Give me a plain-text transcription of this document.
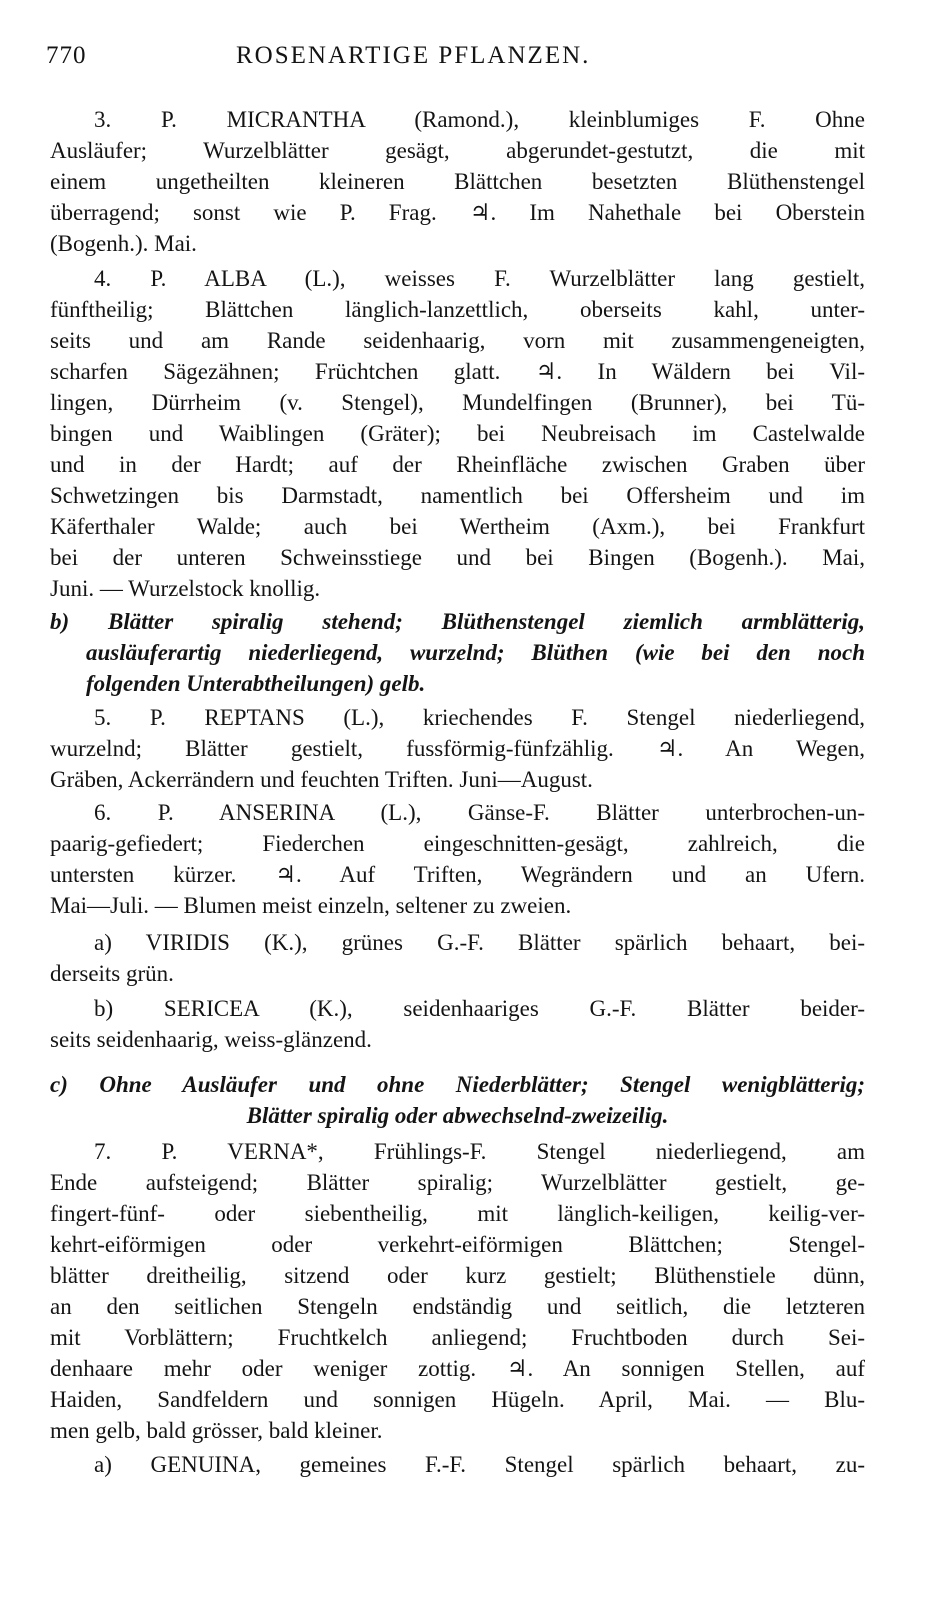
770	ROSENARTIGE PFLANZEN.
3. P. MICRANTHA (Ramond.), kleinblumiges F. Ohne
Ausläufer; Wurzelblätter gesägt, abgerundet-gestutzt, die mit
einem ungetheilten kleineren Blättchen besetzten Blüthenstengel
überragend; sonst wie P. Frag. ♃. Im Nahethale bei Oberstein
(Bogenh.). Mai.
4. P. ALBA (L.), weisses F. Wurzelblätter lang gestielt,
fünftheilig; Blättchen länglich-lanzettlich, oberseits kahl, unter-
seits und am Rande seidenhaarig, vorn mit zusammengeneigten,
scharfen Sägezähnen; Früchtchen glatt. ♃. In Wäldern bei Vil-
lingen, Dürrheim (v. Stengel), Mundelfingen (Brunner), bei Tü-
bingen und Waiblingen (Gräter); bei Neubreisach im Castelwalde
und in der Hardt; auf der Rheinfläche zwischen Graben über
Schwetzingen bis Darmstadt, namentlich bei Offersheim und im
Käferthaler Walde; auch bei Wertheim (Axm.), bei Frankfurt
bei der unteren Schweinsstiege und bei Bingen (Bogenh.). Mai,
Juni. — Wurzelstock knollig.
b) Blätter spiralig stehend; Blüthenstengel ziemlich armblätterig,
ausläuferartig niederliegend, wurzelnd; Blüthen (wie bei den noch
folgenden Unterabtheilungen) gelb.
5. P. REPTANS (L.), kriechendes F. Stengel niederliegend,
wurzelnd; Blätter gestielt, fussförmig-fünfzählig. ♃. An Wegen,
Gräben, Ackerrändern und feuchten Triften. Juni—August.
6. P. ANSERINA (L.), Gänse-F. Blätter unterbrochen-un-
paarig-gefiedert; Fiederchen eingeschnitten-gesägt, zahlreich, die
untersten kürzer. ♃. Auf Triften, Wegrändern und an Ufern.
Mai—Juli. — Blumen meist einzeln, seltener zu zweien.
a) VIRIDIS (K.), grünes G.-F. Blätter spärlich behaart, bei-
derseits grün.
b) SERICEA (K.), seidenhaariges G.-F. Blätter beider-
seits seidenhaarig, weiss-glänzend.
c) Ohne Ausläufer und ohne Niederblätter; Stengel wenigblätterig;
Blätter spiralig oder abwechselnd-zweizeilig.
7. P. VERNA*, Frühlings-F. Stengel niederliegend, am
Ende aufsteigend; Blätter spiralig; Wurzelblätter gestielt, ge-
fingert-fünf- oder siebentheilig, mit länglich-keiligen, keilig-ver-
kehrt-eiförmigen oder verkehrt-eiförmigen Blättchen; Stengel-
blätter dreitheilig, sitzend oder kurz gestielt; Blüthenstiele dünn,
an den seitlichen Stengeln endständig und seitlich, die letzteren
mit Vorblättern; Fruchtkelch anliegend; Fruchtboden durch Sei-
denhaare mehr oder weniger zottig. ♃. An sonnigen Stellen, auf
Haiden, Sandfeldern und sonnigen Hügeln. April, Mai. — Blu-
men gelb, bald grösser, bald kleiner.
a) GENUINA, gemeines F.-F. Stengel spärlich behaart, zu-
